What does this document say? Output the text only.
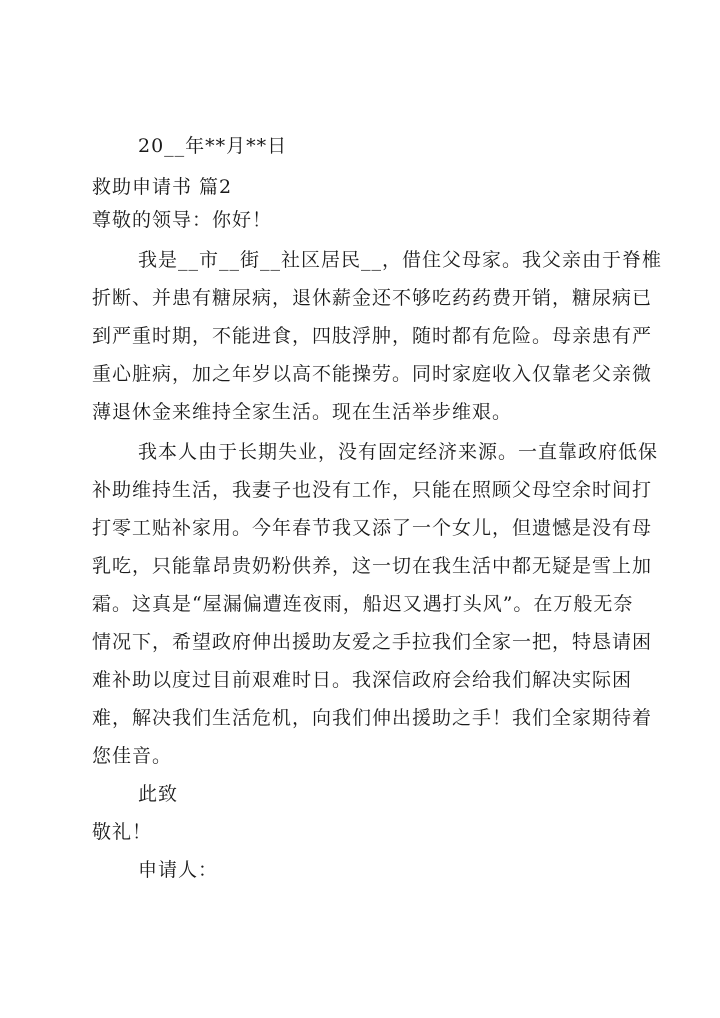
20__年**月**日
救助申请书 篇2
尊敬的领导：你好！
我是__市__街__社区居民__，借住父母家。我父亲由于脊椎
折断、并患有糖尿病，退休薪金还不够吃药药费开销，糖尿病已
到严重时期，不能进食，四肢浮肿，随时都有危险。母亲患有严
重心脏病，加之年岁以高不能操劳。同时家庭收入仅靠老父亲微
薄退休金来维持全家生活。现在生活举步维艰。
我本人由于长期失业，没有固定经济来源。一直靠政府低保
补助维持生活，我妻子也没有工作，只能在照顾父母空余时间打
打零工贴补家用。今年春节我又添了一个女儿，但遗憾是没有母
乳吃，只能靠昂贵奶粉供养，这一切在我生活中都无疑是雪上加
霜。这真是“屋漏偏遭连夜雨，船迟又遇打头风”。在万般无奈
情况下，希望政府伸出援助友爱之手拉我们全家一把，特恳请困
难补助以度过目前艰难时日。我深信政府会给我们解决实际困
难，解决我们生活危机，向我们伸出援助之手！我们全家期待着
您佳音。
此致
敬礼！
申请人：
